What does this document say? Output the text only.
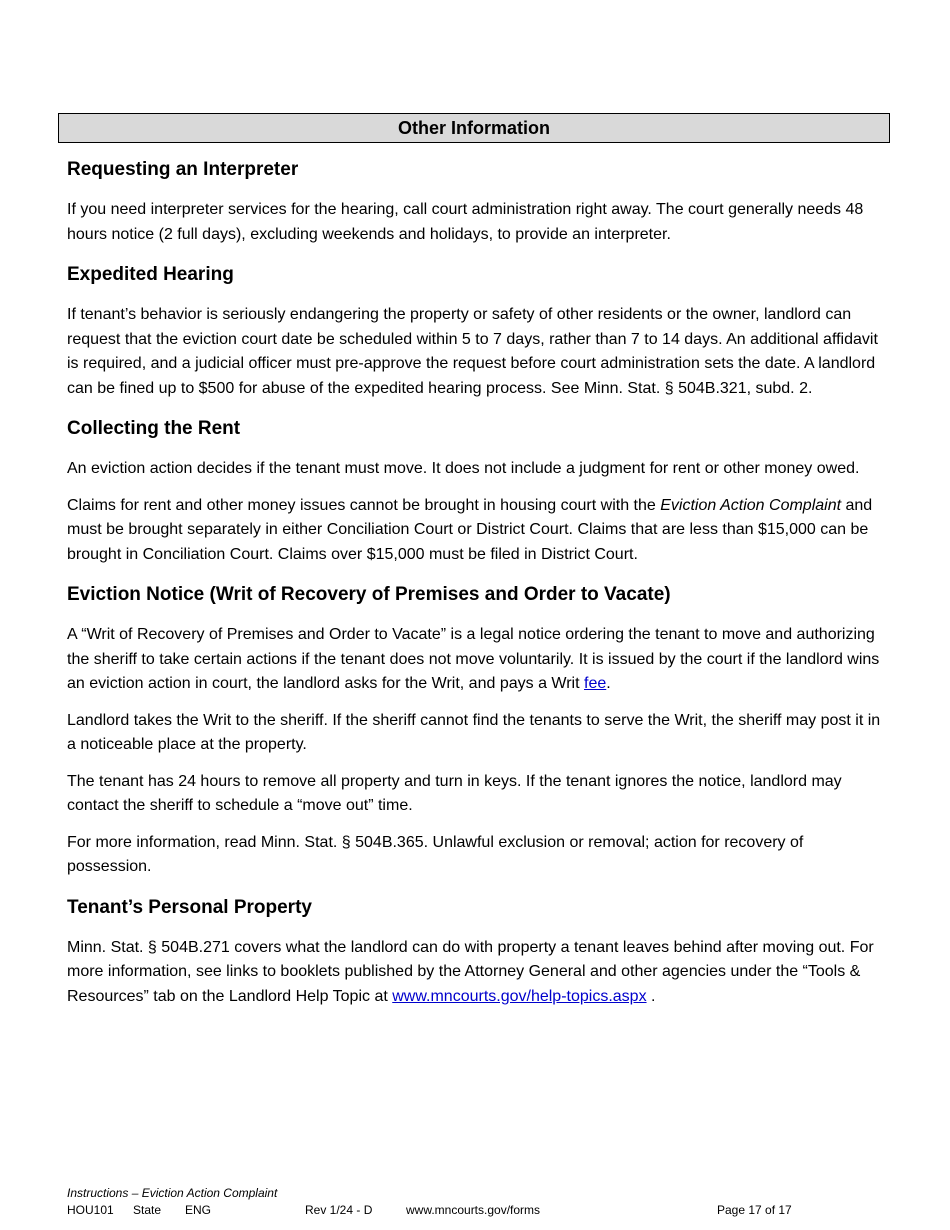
Other Information
Requesting an Interpreter

If you need interpreter services for the hearing, call court administration right away. The court generally needs 48 hours notice (2 full days), excluding weekends and holidays, to provide an interpreter.

Expedited Hearing

If tenant’s behavior is seriously endangering the property or safety of other residents or the owner, landlord can request that the eviction court date be scheduled within 5 to 7 days, rather than 7 to 14 days. An additional affidavit is required, and a judicial officer must pre-approve the request before court administration sets the date. A landlord can be fined up to $500 for abuse of the expedited hearing process. See Minn. Stat. § 504B.321, subd. 2.

Collecting the Rent

An eviction action decides if the tenant must move. It does not include a judgment for rent or other money owed.

Claims for rent and other money issues cannot be brought in housing court with the Eviction Action Complaint and must be brought separately in either Conciliation Court or District Court. Claims that are less than $15,000 can be brought in Conciliation Court. Claims over $15,000 must be filed in District Court.

Eviction Notice (Writ of Recovery of Premises and Order to Vacate)

A “Writ of Recovery of Premises and Order to Vacate” is a legal notice ordering the tenant to move and authorizing the sheriff to take certain actions if the tenant does not move voluntarily. It is issued by the court if the landlord wins an eviction action in court, the landlord asks for the Writ, and pays a Writ fee.

Landlord takes the Writ to the sheriff. If the sheriff cannot find the tenants to serve the Writ, the sheriff may post it in a noticeable place at the property.

The tenant has 24 hours to remove all property and turn in keys. If the tenant ignores the notice, landlord may contact the sheriff to schedule a “move out” time.

For more information, read Minn. Stat. § 504B.365. Unlawful exclusion or removal; action for recovery of possession.

Tenant’s Personal Property

Minn. Stat. § 504B.271 covers what the landlord can do with property a tenant leaves behind after moving out. For more information, see links to booklets published by the Attorney General and other agencies under the “Tools & Resources” tab on the Landlord Help Topic at www.mncourts.gov/help-topics.aspx .

Instructions – Eviction Action Complaint
HOU101 State ENG	Rev 1/24 - D	www.mncourts.gov/forms	Page 17 of 17
